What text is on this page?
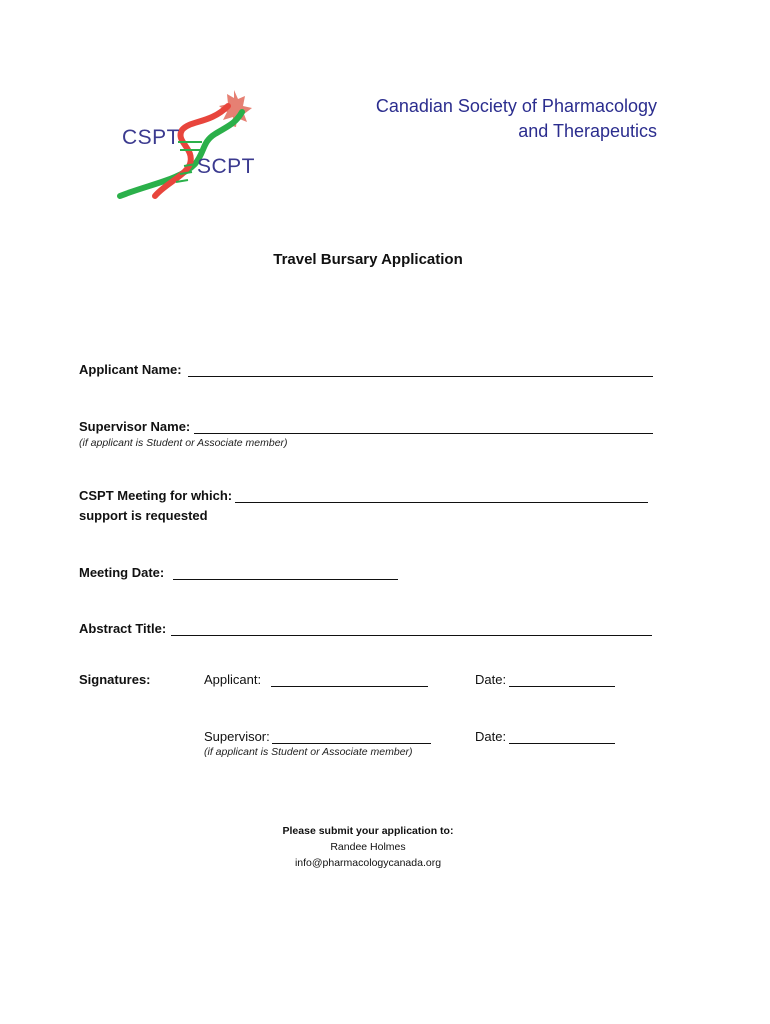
CSPT
SCPT
Canadian Society of Pharmacology
and Therapeutics
Travel Bursary Application
Applicant Name:
Supervisor Name:
(if applicant is Student or Associate member)
CSPT Meeting for which:
support is requested
Meeting Date:
Abstract Title:
Signatures:	Applicant:	Date:
Supervisor:	Date:
(if applicant is Student or Associate member)
Please submit your application to:
Randee Holmes
info@pharmacologycanada.org
